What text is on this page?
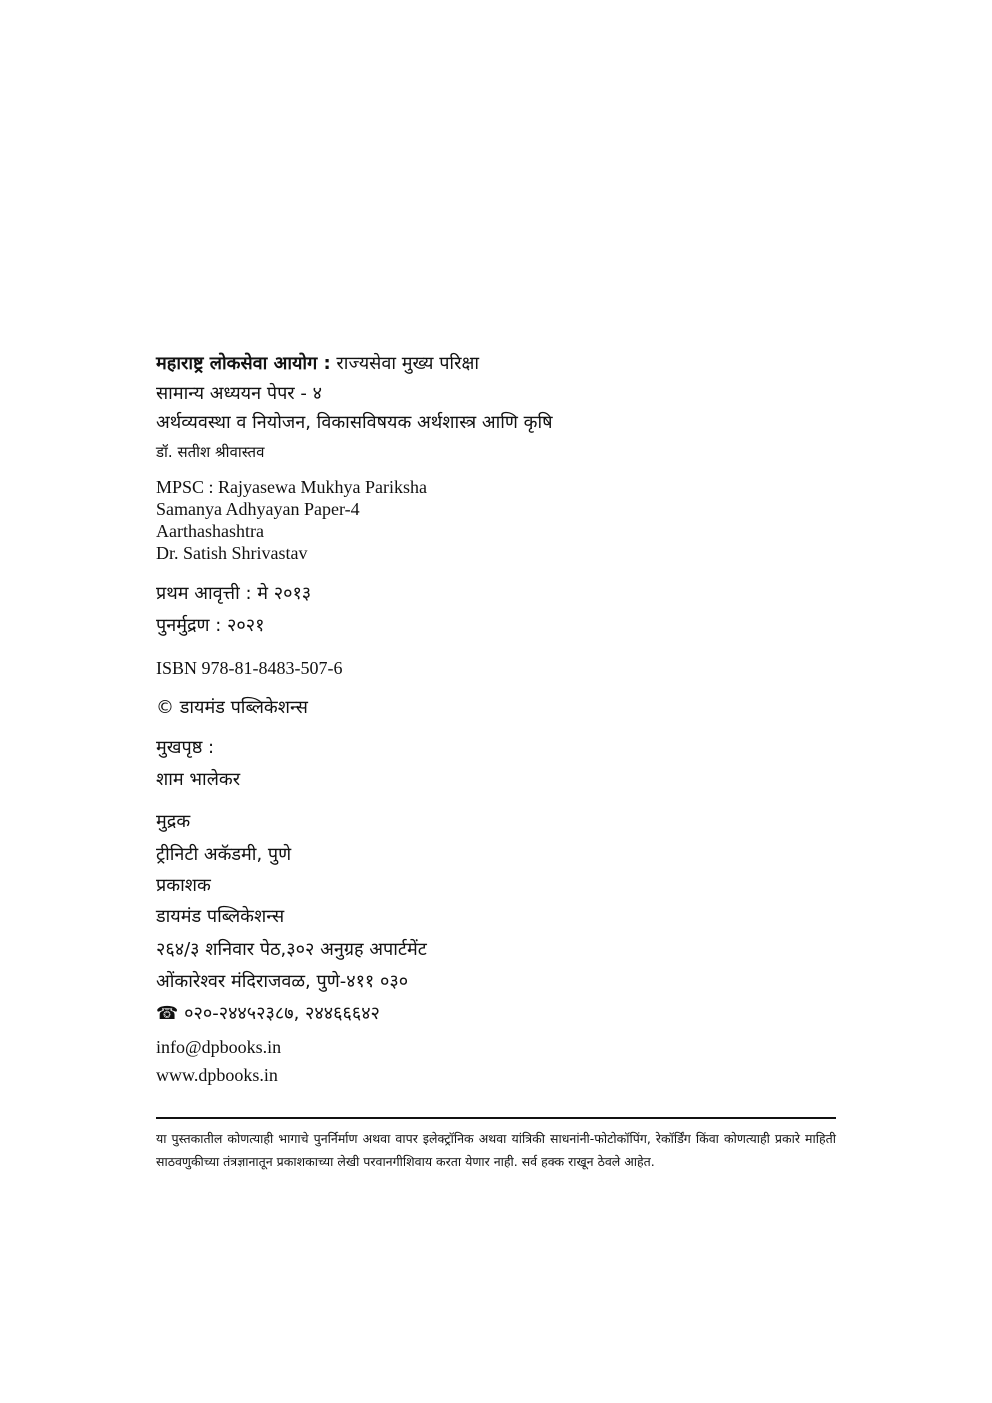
महाराष्ट्र लोकसेवा आयोग : राज्यसेवा मुख्य परिक्षा
सामान्य अध्ययन पेपर - ४
अर्थव्यवस्था व नियोजन, विकासविषयक अर्थशास्त्र आणि कृषि
डॉ. सतीश श्रीवास्तव
MPSC : Rajyasewa Mukhya Pariksha
Samanya Adhyayan Paper-4
Aarthashashtra
Dr. Satish Shrivastav
प्रथम आवृत्ती : मे २०१३
पुनर्मुद्रण : २०२१
ISBN 978-81-8483-507-6
© डायमंड पब्लिकेशन्स
मुखपृष्ठ :
शाम भालेकर
मुद्रक
ट्रीनिटी अकॅडमी, पुणे
प्रकाशक
डायमंड पब्लिकेशन्स
२६४/३ शनिवार पेठ,३०२ अनुग्रह अपार्टमेंट
ओंकारेश्वर मंदिराजवळ, पुणे-४११ ०३०
☎ ०२०-२४४५२३८७, २४४६६६४२
info@dpbooks.in
www.dpbooks.in
या पुस्तकातील कोणत्याही भागाचे पुनर्निर्माण अथवा वापर इलेक्ट्रॉनिक अथवा यांत्रिकी साधनांनी-फोटोकॉपिंग, रेकॉर्डिंग किंवा कोणत्याही प्रकारे माहिती साठवणुकीच्या तंत्रज्ञानातून प्रकाशकाच्या लेखी परवानगीशिवाय करता येणार नाही. सर्व हक्क राखून ठेवले आहेत.
